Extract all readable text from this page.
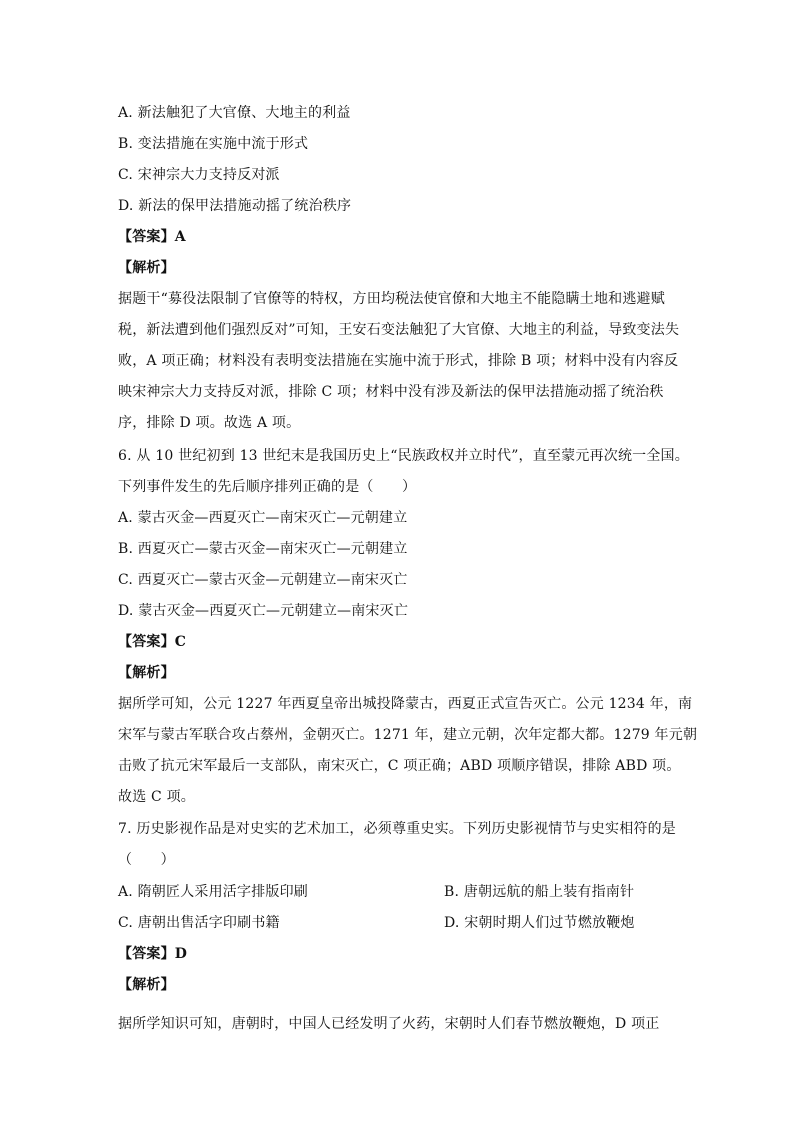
A. 新法触犯了大官僚、大地主的利益
B. 变法措施在实施中流于形式
C. 宋神宗大力支持反对派
D. 新法的保甲法措施动摇了统治秩序
【答案】A
【解析】
据题干“募役法限制了官僚等的特权，方田均税法使官僚和大地主不能隐瞒土地和逃避赋
税，新法遭到他们强烈反对”可知，王安石变法触犯了大官僚、大地主的利益，导致变法失
败，A 项正确；材料没有表明变法措施在实施中流于形式，排除 B 项；材料中没有内容反
映宋神宗大力支持反对派，排除 C 项；材料中没有涉及新法的保甲法措施动摇了统治秩
序，排除 D 项。故选 A 项。
6. 从 10 世纪初到 13 世纪末是我国历史上“民族政权并立时代”，直至蒙元再次统一全国。
下列事件发生的先后顺序排列正确的是（　　）
A. 蒙古灭金—西夏灭亡—南宋灭亡—元朝建立
B. 西夏灭亡—蒙古灭金—南宋灭亡—元朝建立
C. 西夏灭亡—蒙古灭金—元朝建立—南宋灭亡
D. 蒙古灭金—西夏灭亡—元朝建立—南宋灭亡
【答案】C
【解析】
据所学可知，公元 1227 年西夏皇帝出城投降蒙古，西夏正式宣告灭亡。公元 1234 年，南
宋军与蒙古军联合攻占蔡州，金朝灭亡。1271 年，建立元朝，次年定都大都。1279 年元朝
击败了抗元宋军最后一支部队，南宋灭亡，C 项正确；ABD 项顺序错误，排除 ABD 项。
故选 C 项。
7. 历史影视作品是对史实的艺术加工，必须尊重史实。下列历史影视情节与史实相符的是
（　　）
A. 隋朝匠人采用活字排版印刷	B. 唐朝远航的船上装有指南针
C. 唐朝出售活字印刷书籍	D. 宋朝时期人们过节燃放鞭炮
【答案】D
【解析】
据所学知识可知，唐朝时，中国人已经发明了火药，宋朝时人们春节燃放鞭炮，D 项正
